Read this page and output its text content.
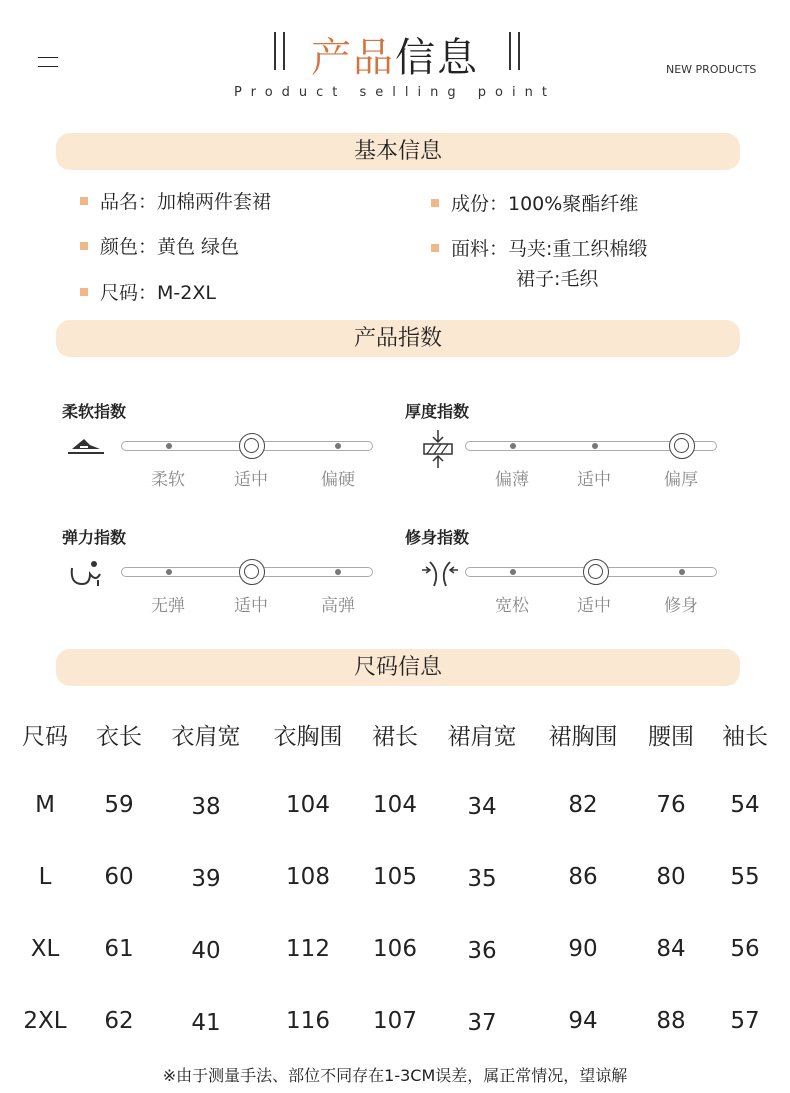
产品信息
Product selling point
NEW PRODUCTS
基本信息
品名：加棉两件套裙
颜色：黄色 绿色
尺码：M-2XL
成份：100%聚酯纤维
面料：马夹:重工织棉缎
裙子:毛织
产品指数
柔软指数
柔软	适中	偏硬
厚度指数
偏薄	适中	偏厚
弹力指数
无弹	适中	高弹
修身指数
宽松	适中	修身
尺码信息
尺码	衣长	衣肩宽	衣胸围	裙长	裙肩宽	裙胸围	腰围	袖长
M	59	38	104	104	34	82	76	54
L	60	39	108	105	35	86	80	55
XL	61	40	112	106	36	90	84	56
2XL	62	41	116	107	37	94	88	57
※由于测量手法、部位不同存在1-3CM误差，属正常情况，望谅解
